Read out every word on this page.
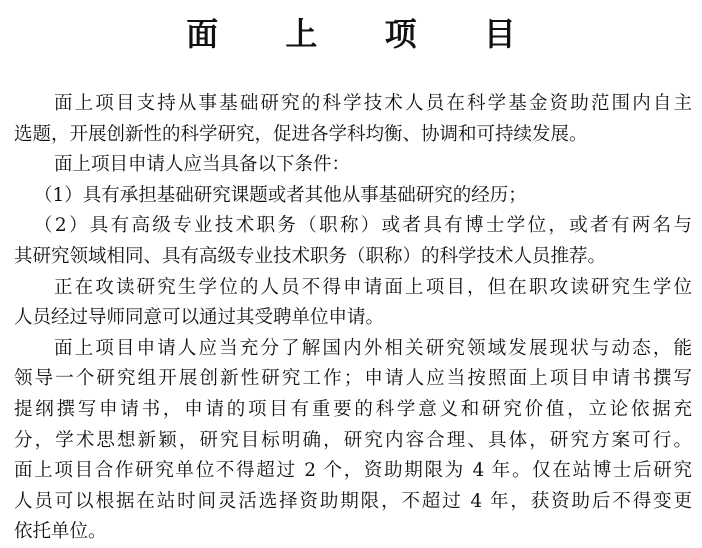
面 上 项 目
面上项目支持从事基础研究的科学技术人员在科学基金资助范围内自主
选题，开展创新性的科学研究，促进各学科均衡、协调和可持续发展。
面上项目申请人应当具备以下条件：
（1）具有承担基础研究课题或者其他从事基础研究的经历；
（2）具有高级专业技术职务（职称）或者具有博士学位，或者有两名与
其研究领域相同、具有高级专业技术职务（职称）的科学技术人员推荐。
正在攻读研究生学位的人员不得申请面上项目，但在职攻读研究生学位
人员经过导师同意可以通过其受聘单位申请。
面上项目申请人应当充分了解国内外相关研究领域发展现状与动态，能
领导一个研究组开展创新性研究工作；申请人应当按照面上项目申请书撰写
提纲撰写申请书，申请的项目有重要的科学意义和研究价值，立论依据充
分，学术思想新颖，研究目标明确，研究内容合理、具体，研究方案可行。
面上项目合作研究单位不得超过 2 个，资助期限为 4 年。仅在站博士后研究
人员可以根据在站时间灵活选择资助期限，不超过 4 年，获资助后不得变更
依托单位。
